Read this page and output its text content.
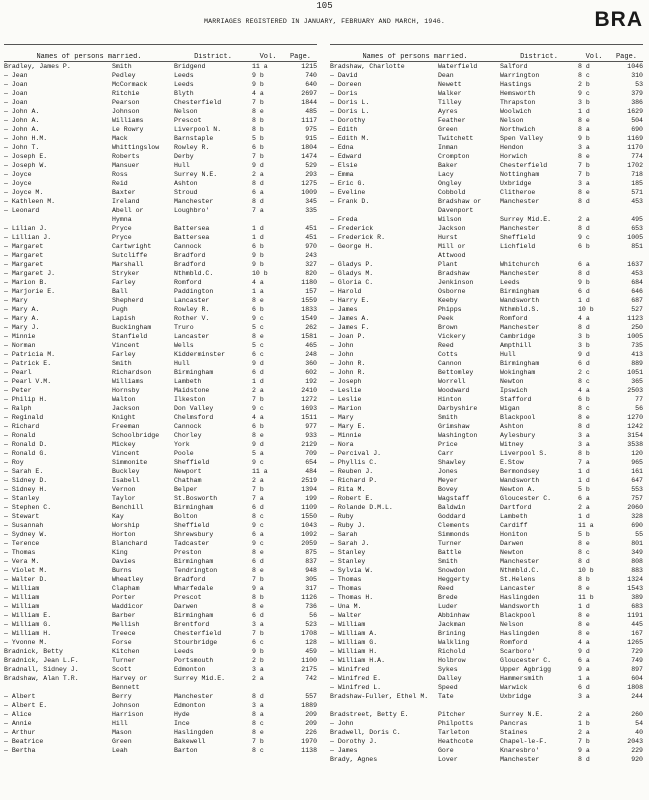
105
BRA
MARRIAGES REGISTERED IN JANUARY, FEBRUARY AND MARCH, 1946.
Names of persons married.	District.	Vol.	Page.
Bradley, James P.	Smith	Bridgend	11 a	1215
— Jean	Pedley	Leeds	9 b	740
— Joan	McCormack	Leeds	9 b	640
— Joan	Ritchie	Blyth	4 a	2697
— Joan	Pearson	Chesterfield	7 b	1844
— John A.	Johnson	Nelson	8 e	485
— John A.	Williams	Prescot	8 b	1117
— John A.	Le Rowry	Liverpool N.	8 b	975
— John H.M.	Mack	Barnstaple	5 b	915
— John T.	Whittingslow	Rowley R.	6 b	1804
— Joseph E.	Roberts	Derby	7 b	1474
— Joseph W.	Mansuer	Hull	9 d	529
— Joyce	Ross	Surrey N.E.	2 a	293
— Joyce	Reid	Ashton	8 d	1275
— Joyce M.	Baxter	Stroud	6 a	1009
— Kathleen M.	Ireland	Manchester	8 d	345
— Leonard	Abell or	Loughbro'	7 a	335
Hymna
— Lilian J.	Pryce	Battersea	1 d	451
— Lillian J.	Pryce	Battersea	1 d	451
— Margaret	Cartwright	Cannock	6 b	970
— Margaret	Sutcliffe	Bradford	9 b	243
— Margaret	Marshall	Bradford	9 b	327
— Margaret J.	Stryker	Nthmbld.C.	10 b	820
— Marion B.	Farley	Romford	4 a	1180
— Marjorie E.	Ball	Paddington	1 a	157
— Mary	Shepherd	Lancaster	8 e	1559
— Mary A.	Pugh	Rowley R.	6 b	1833
— Mary A.	Lapish	Rother V.	9 c	1549
— Mary J.	Buckingham	Truro	5 c	262
— Minnie	Stanfield	Lancaster	8 e	1581
— Norman	Vincent	Wells	5 c	465
— Patricia M.	Farley	Kidderminster	6 c	248
— Patrick E.	Smith	Hull	9 d	360
— Pearl	Richardson	Birmingham	6 d	602
— Pearl V.M.	Williams	Lambeth	1 d	192
— Peter	Hornsby	Maidstone	2 a	2410
— Philip H.	Walton	Ilkeston	7 b	1272
— Ralph	Jackson	Don Valley	9 c	1693
— Reginald	Knight	Chelmsford	4 a	1511
— Richard	Freeman	Cannock	6 b	977
— Ronald	Schoolbridge	Chorley	8 e	933
— Ronald D.	Mickey	York	9 d	2129
— Ronald G.	Vincent	Poole	5 a	709
— Roy	Simmonite	Sheffield	9 c	654
— Sarah E.	Buckley	Newport	11 a	484
— Sidney D.	Isabell	Chatham	2 a	2519
— Sidney H.	Vernon	Belper	7 b	1394
— Stanley	Taylor	St.Bosworth	7 a	199
— Stephen C.	Benchill	Birmingham	6 d	1109
— Stewart	Kay	Bolton	8 c	1550
— Susannah	Worship	Sheffield	9 c	1043
— Sydney W.	Horton	Shrewsbury	6 a	1092
— Terence	Blanchard	Tadcaster	9 c	2059
— Thomas	King	Preston	8 e	875
— Vera M.	Davies	Birmingham	6 d	837
— Violet M.	Burns	Tendrington	8 e	948
— Walter D.	Wheatley	Bradford	7 b	305
— William	Clapham	Wharfedale	9 a	317
— William	Porter	Prescot	8 b	1126
— William	Waddicor	Darwen	8 e	736
— William E.	Barber	Birmingham	6 d	56
— William G.	Mellish	Brentford	3 a	523
— William H.	Treece	Chesterfield	7 b	1708
— Yvonne M.	Forse	Stourbridge	6 c	128
Bradnick, Betty	Kitchen	Leeds	9 b	459
Bradnick, Jean L.F.	Turner	Portsmouth	2 b	1100
Bradnall, Sidney J.	Scott	Edmonton	3 a	2175
Bradshaw, Alan T.R.	Harvey or	Surrey Mid.E.	2 a	742
Bennett
— Albert	Berry	Manchester	8 d	557
— Albert E.	Johnson	Edmonton	3 a	1889
— Alice	Harrison	Hyde	8 a	209
— Annie	Hill	Ince	8 c	209
— Arthur	Mason	Haslingden	8 e	226
— Beatrice	Green	Bakewell	7 b	1970
— Bertha	Leah	Barton	8 c	1138
Names of persons married.	District.	Vol.	Page.
Bradshaw, Charlotte	Waterfield	Salford	8 d	1046
— David	Dean	Warrington	8 c	310
— Doreen	Newett	Hastings	2 b	53
— Doris	Walker	Hemsworth	9 c	379
— Doris L.	Tilley	Thrapston	3 b	386
— Doris L.	Ayres	Woolwich	1 d	1629
— Dorothy	Feather	Nelson	8 e	504
— Edith	Green	Northwich	8 a	690
— Edith M.	Twitchett	Spen Valley	9 b	1169
— Edna	Inman	Hendon	3 a	1170
— Edward	Crompton	Horwich	8 e	774
— Elsie	Baker	Chesterfield	7 b	1702
— Emma	Lacy	Nottingham	7 b	718
— Eric G.	Ongley	Uxbridge	3 a	185
— Eveline	Cobbold	Clitheroe	8 e	571
— Frank D.	Bradshaw or	Manchester	8 d	453
Davenport
— Freda	Wilson	Surrey Mid.E.	2 a	495
— Frederick	Jackson	Manchester	8 d	653
— Frederick R.	Hurst	Sheffield	9 c	1005
— George H.	Mill or	Lichfield	6 b	851
Attwood
— Gladys P.	Plant	Whitchurch	6 a	1637
— Gladys M.	Bradshaw	Manchester	8 d	453
— Gloria C.	Jenkinson	Leeds	9 b	684
— Harold	Osborne	Birmingham	6 d	646
— Harry E.	Keeby	Wandsworth	1 d	687
— James	Phipps	Nthmbld.S.	10 b	527
— James A.	Peek	Romford	4 a	1123
— James F.	Brown	Manchester	8 d	250
— Joan P.	Vickery	Cambridge	3 b	1005
— John	Reed	Ampthill	3 b	735
— John	Cotts	Hull	9 d	413
— John R.	Cannon	Birmingham	6 d	889
— John R.	Bettomley	Wokingham	2 c	1051
— Joseph	Worrell	Newton	8 c	365
— Leslie	Woodward	Ipswich	4 a	2503
— Leslie	Hinton	Stafford	6 b	77
— Marion	Darbyshire	Wigan	8 c	56
— Mary	Smith	Blackpool	8 e	1270
— Mary E.	Grimshaw	Ashton	8 d	1242
— Minnie	Washington	Aylesbury	3 a	3154
— Nora	Price	Witney	3 a	3538
— Percival J.	Carr	Liverpool S.	8 b	120
— Phyllis C.	Shawley	E.Stow	7 a	965
— Reuben J.	Jones	Bermondsey	1 d	161
— Richard P.	Meyer	Wandsworth	1 d	647
— Rita M.	Bovey	Newton A.	5 b	553
— Robert E.	Wagstaff	Gloucester C.	6 a	757
— Rolande D.M.L.	Baldwin	Dartford	2 a	2060
— Ruby	Goddard	Lambeth	1 d	328
— Ruby J.	Clements	Cardiff	11 a	690
— Sarah	Simmonds	Honiton	5 b	55
— Sarah J.	Turner	Darwen	8 e	801
— Stanley	Battle	Newton	8 c	349
— Stanley	Smith	Manchester	8 d	808
— Sylvia W.	Snowdon	Nthmbld.C.	10 b	883
— Thomas	Heggerty	St.Helens	8 b	1324
— Thomas	Reed	Lancaster	8 e	1543
— Thomas H.	Brede	Haslingden	11 b	389
— Una M.	Luder	Wandsworth	1 d	683
— Walter	Abbinhaw	Blackpool	8 e	1191
— William	Jackman	Nelson	8 e	445
— William A.	Brining	Haslingden	8 e	167
— William G.	Walkling	Romford	4 a	1265
— William H.	Richold	Scarboro'	9 d	729
— William H.A.	Holbrow	Gloucester C.	6 a	749
— Winifred	Sykes	Upper Agbrigg	9 a	897
— Winifred E.	Dalley	Hammersmith	1 a	604
— Winifred L.	Speed	Warwick	6 d	1808
Bradshaw-Fuller, Ethel M.	Tate	Uxbridge	3 a	244
Bradstreet, Betty E.	Pitcher	Surrey N.E.	2 a	260
— John	Philpotts	Pancras	1 b	54
Bradwell, Doris C.	Tarleton	Staines	2 a	40
— Dorothy J.	Heathcote	Chapel-le-F.	7 b	2043
— James	Gore	Knaresbro'	9 a	229
Brady, Agnes	Lover	Manchester	8 d	920
